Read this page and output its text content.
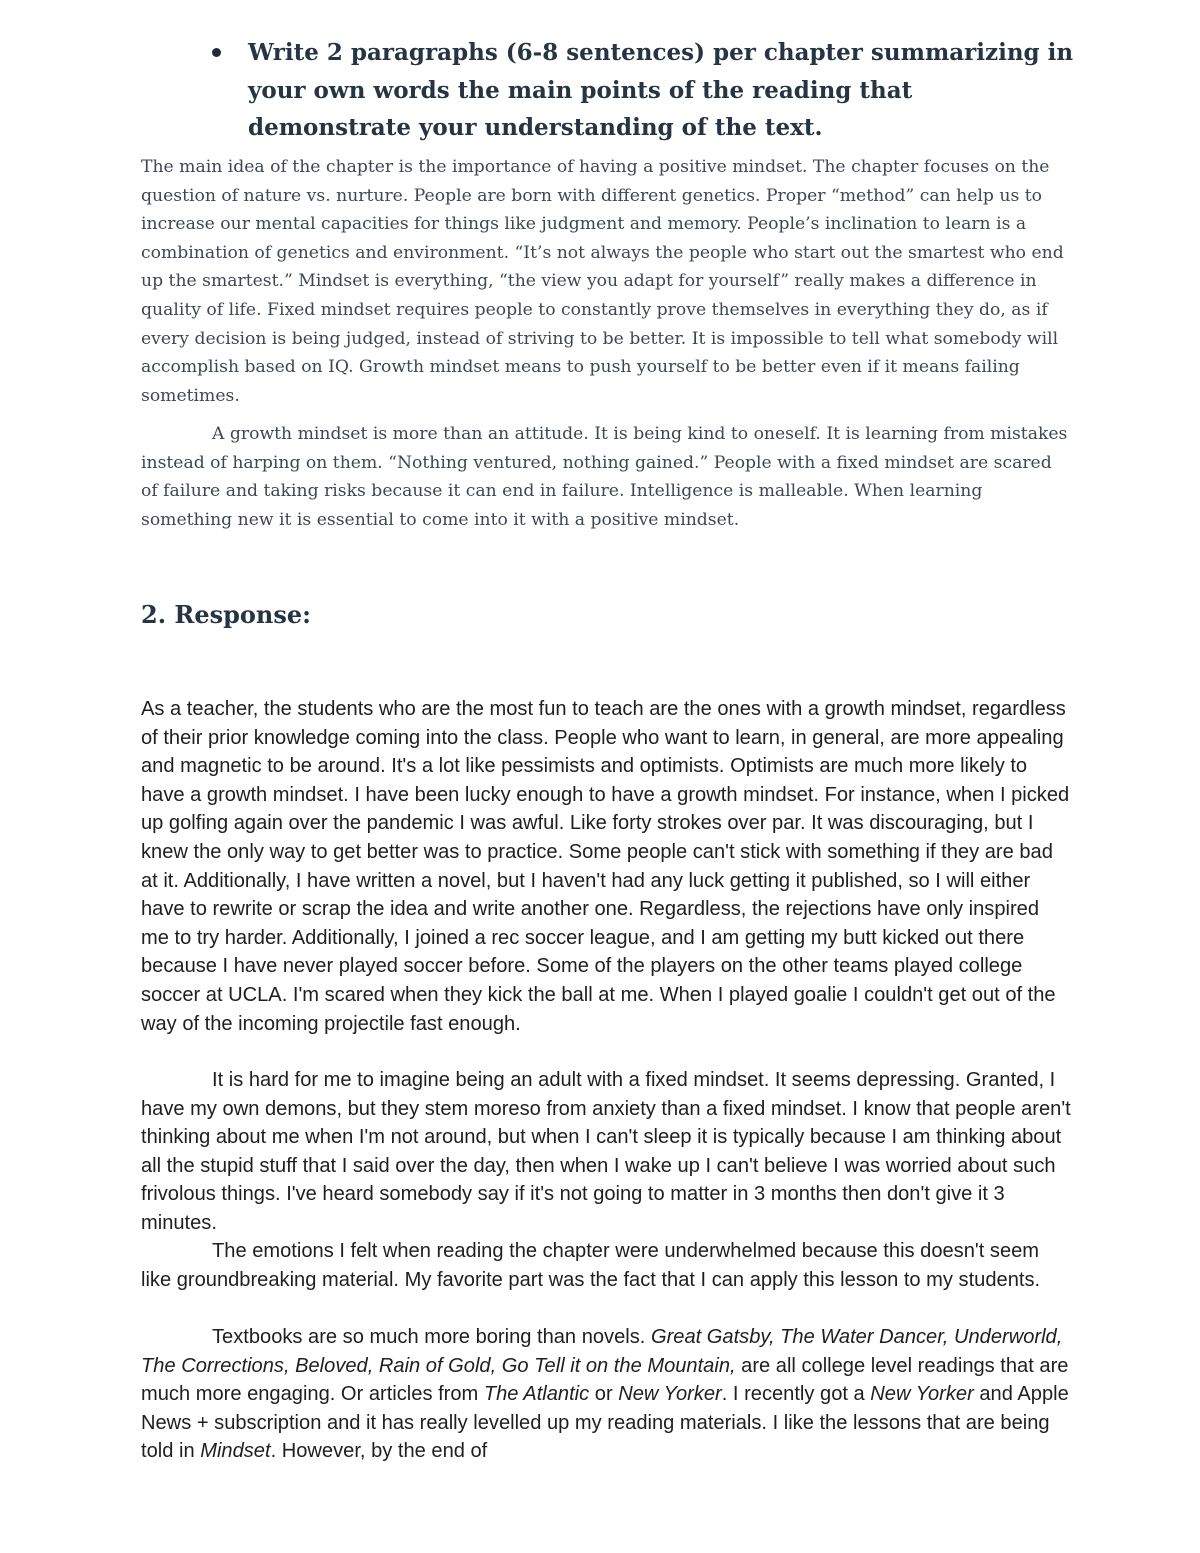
Write 2 paragraphs (6-8 sentences) per chapter summarizing in your own words the main points of the reading that demonstrate your understanding of the text.

The main idea of the chapter is the importance of having a positive mindset. The chapter focuses on the question of nature vs. nurture. People are born with different genetics. Proper “method” can help us to increase our mental capacities for things like judgment and memory. People’s inclination to learn is a combination of genetics and environment. “It’s not always the people who start out the smartest who end up the smartest.” Mindset is everything, “the view you adapt for yourself” really makes a difference in quality of life. Fixed mindset requires people to constantly prove themselves in everything they do, as if every decision is being judged, instead of striving to be better. It is impossible to tell what somebody will accomplish based on IQ. Growth mindset means to push yourself to be better even if it means failing sometimes.

A growth mindset is more than an attitude. It is being kind to oneself. It is learning from mistakes instead of harping on them. “Nothing ventured, nothing gained.” People with a fixed mindset are scared of failure and taking risks because it can end in failure. Intelligence is malleable. When learning something new it is essential to come into it with a positive mindset.

2. Response:

As a teacher, the students who are the most fun to teach are the ones with a growth mindset, regardless of their prior knowledge coming into the class. People who want to learn, in general, are more appealing and magnetic to be around. It's a lot like pessimists and optimists. Optimists are much more likely to have a growth mindset. I have been lucky enough to have a growth mindset. For instance, when I picked up golfing again over the pandemic I was awful. Like forty strokes over par. It was discouraging, but I knew the only way to get better was to practice. Some people can't stick with something if they are bad at it. Additionally, I have written a novel, but I haven't had any luck getting it published, so I will either have to rewrite or scrap the idea and write another one. Regardless, the rejections have only inspired me to try harder. Additionally, I joined a rec soccer league, and I am getting my butt kicked out there because I have never played soccer before. Some of the players on the other teams played college soccer at UCLA. I'm scared when they kick the ball at me. When I played goalie I couldn't get out of the way of the incoming projectile fast enough.

It is hard for me to imagine being an adult with a fixed mindset. It seems depressing. Granted, I have my own demons, but they stem moreso from anxiety than a fixed mindset. I know that people aren't thinking about me when I'm not around, but when I can't sleep it is typically because I am thinking about all the stupid stuff that I said over the day, then when I wake up I can't believe I was worried about such frivolous things. I've heard somebody say if it's not going to matter in 3 months then don't give it 3 minutes.

The emotions I felt when reading the chapter were underwhelmed because this doesn't seem like groundbreaking material. My favorite part was the fact that I can apply this lesson to my students.

Textbooks are so much more boring than novels. Great Gatsby, The Water Dancer, Underworld, The Corrections, Beloved, Rain of Gold, Go Tell it on the Mountain, are all college level readings that are much more engaging. Or articles from The Atlantic or New Yorker. I recently got a New Yorker and Apple News + subscription and it has really levelled up my reading materials. I like the lessons that are being told in Mindset. However, by the end of
